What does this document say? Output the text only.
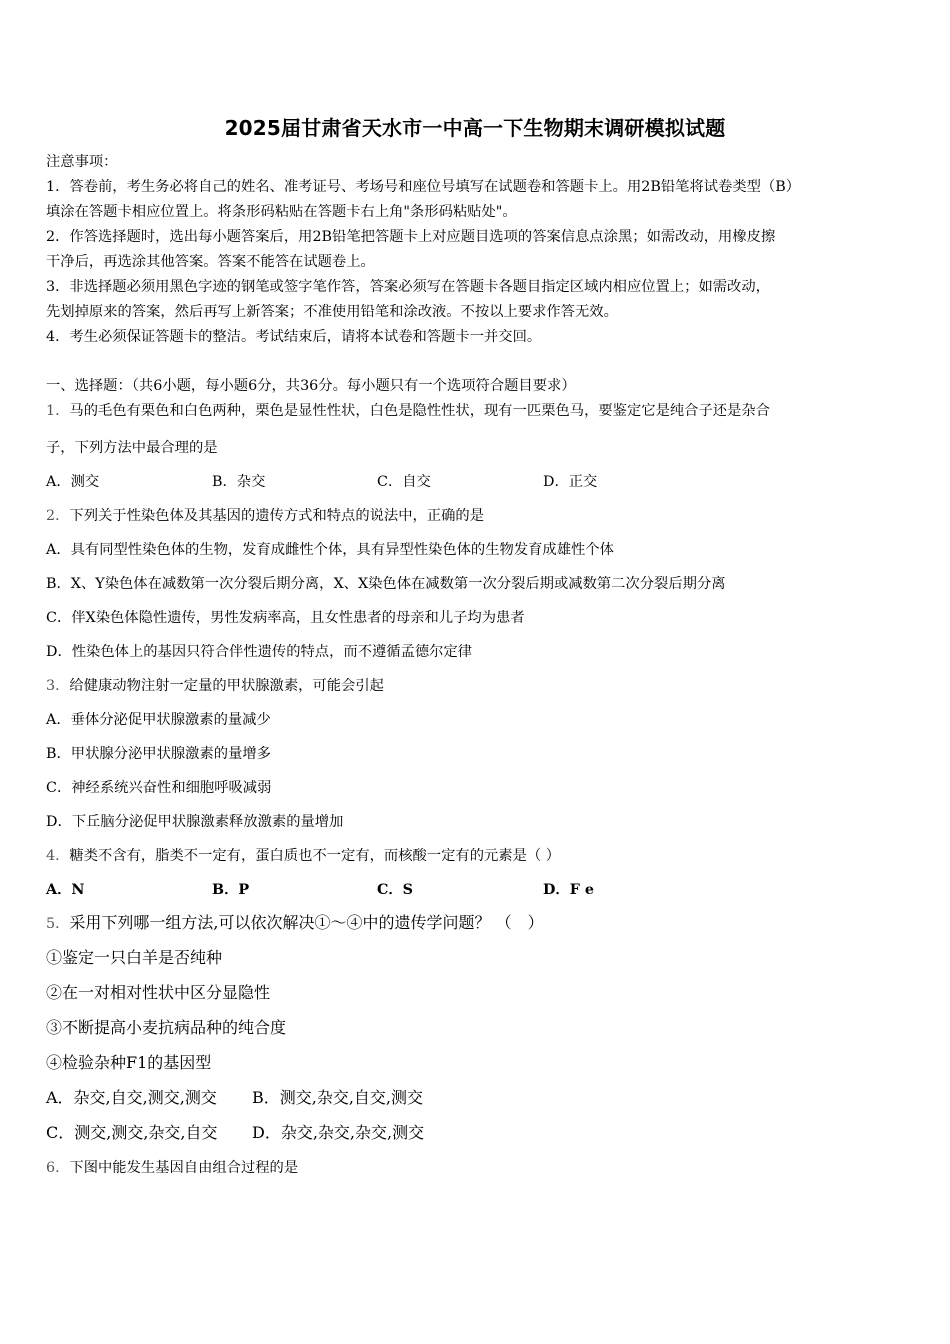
2025届甘肃省天水市一中高一下生物期末调研模拟试题
注意事项：
1．答卷前，考生务必将自己的姓名、准考证号、考场号和座位号填写在试题卷和答题卡上。用2B铅笔将试卷类型（B）
填涂在答题卡相应位置上。将条形码粘贴在答题卡右上角"条形码粘贴处"。
2．作答选择题时，选出每小题答案后，用2B铅笔把答题卡上对应题目选项的答案信息点涂黑；如需改动，用橡皮擦
干净后，再选涂其他答案。答案不能答在试题卷上。
3．非选择题必须用黑色字迹的钢笔或签字笔作答，答案必须写在答题卡各题目指定区域内相应位置上；如需改动，
先划掉原来的答案，然后再写上新答案；不准使用铅笔和涂改液。不按以上要求作答无效。
4．考生必须保证答题卡的整洁。考试结束后，请将本试卷和答题卡一并交回。
一、选择题：（共6小题，每小题6分，共36分。每小题只有一个选项符合题目要求）
1．马的毛色有栗色和白色两种，栗色是显性性状，白色是隐性性状，现有一匹栗色马，要鉴定它是纯合子还是杂合
子，下列方法中最合理的是
A．测交	B．杂交	C．自交	D．正交
2．下列关于性染色体及其基因的遗传方式和特点的说法中，正确的是
A．具有同型性染色体的生物，发育成雌性个体，具有异型性染色体的生物发育成雄性个体
B．X、Y染色体在减数第一次分裂后期分离，X、X染色体在减数第一次分裂后期或减数第二次分裂后期分离
C．伴X染色体隐性遗传，男性发病率高，且女性患者的母亲和儿子均为患者
D．性染色体上的基因只符合伴性遗传的特点，而不遵循孟德尔定律
3．给健康动物注射一定量的甲状腺激素，可能会引起
A．垂体分泌促甲状腺激素的量减少
B．甲状腺分泌甲状腺激素的量增多
C．神经系统兴奋性和细胞呼吸减弱
D．下丘脑分泌促甲状腺激素释放激素的量增加
4．糖类不含有，脂类不一定有，蛋白质也不一定有，而核酸一定有的元素是（ ）
A．N	B．P	C．S	D．F e
5．采用下列哪一组方法,可以依次解决①～④中的遗传学问题？ （　）
①鉴定一只白羊是否纯种
②在一对相对性状中区分显隐性
③不断提高小麦抗病品种的纯合度
④检验杂种F1的基因型
A．杂交,自交,测交,测交 B．测交,杂交,自交,测交
C．测交,测交,杂交,自交 D．杂交,杂交,杂交,测交
6．下图中能发生基因自由组合过程的是
